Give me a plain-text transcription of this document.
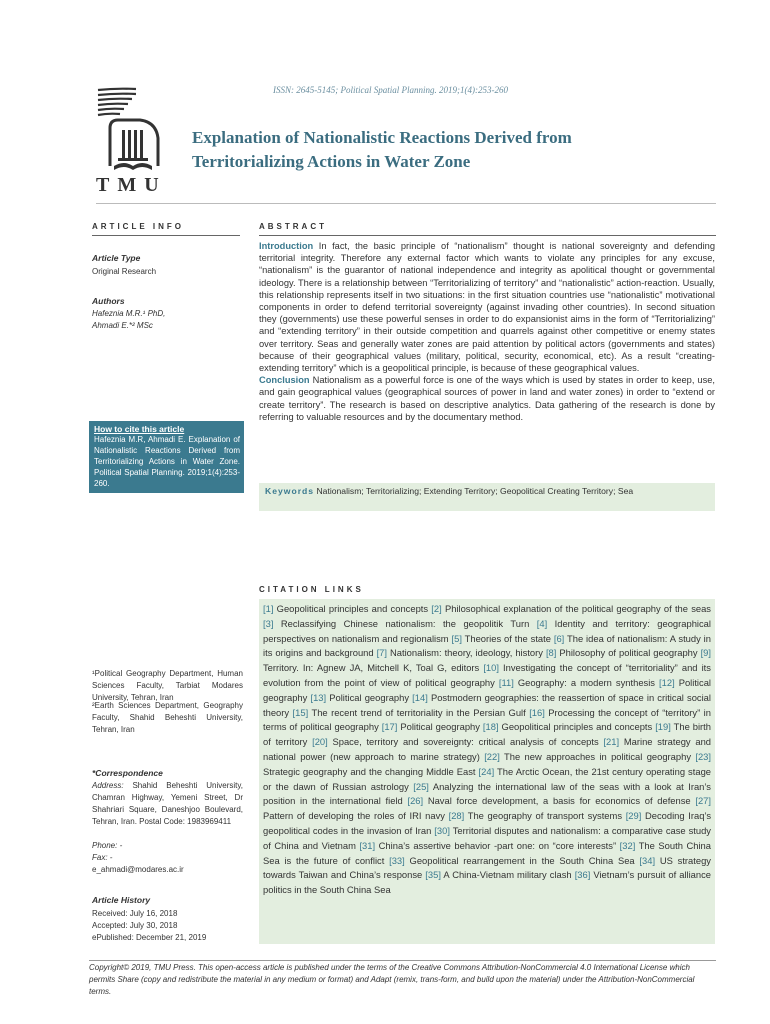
TMU
ISSN: 2645-5145; Political Spatial Planning. 2019;1(4):253-260
Explanation of Nationalistic Reactions Derived from Territorializing Actions in Water Zone
ARTICLE INFO
Article Type
Original Research
Authors
Hafeznia M.R.¹ PhD,
Ahmadi E.*² MSc
How to cite this article
Hafeznia M.R, Ahmadi E. Explanation of Nationalistic Reactions Derived from Territorializing Actions in Water Zone. Political Spatial Planning. 2019;1(4):253-260.
¹Political Geography Department, Human Sciences Faculty, Tarbiat Modares University, Tehran, Iran
²Earth Sciences Department, Geography Faculty, Shahid Beheshti University, Tehran, Iran
*Correspondence
Address: Shahid Beheshti University, Chamran Highway, Yemeni Street, Dr Shahriari Square, Daneshjoo Boulevard, Tehran, Iran. Postal Code: 1983969411
Phone: -
Fax: -
e_ahmadi@modares.ac.ir
Article History
Received: July 16, 2018
Accepted: July 30, 2018
ePublished: December 21, 2019
ABSTRACT
Introduction In fact, the basic principle of “nationalism” thought is national sovereignty and defending territorial integrity. Therefore any external factor which wants to violate any principles for any excuse, “nationalism” is the guarantor of national independence and integrity as apolitical thought or governmental ideology. There is a relationship between “Territorializing of territory” and “nationalistic” action-reaction. Usually, this relationship represents itself in two situations: in the first situation countries use “nationalistic” motivational components in order to defend territorial sovereignty (against invading other countries). In second situation they (governments) use these powerful senses in order to do expansionist aims in the form of “Territorializing” and “extending territory” in their outside competition and quarrels against other competitive or enemy states over territory. Seas and generally water zones are paid attention by political actors (governments and states) because of their geographical values (military, political, security, economical, etc). As a result “creating-extending territory” which is a geopolitical principle, is because of these geographical values.
Conclusion Nationalism as a powerful force is one of the ways which is used by states in order to keep, use, and gain geographical values (geographical sources of power in land and water zones) in order to “extend or create territory”. The research is based on descriptive analytics. Data gathering of the research is done by referring to valuable resources and by the documentary method.
Keywords Nationalism; Territorializing; Extending Territory; Geopolitical Creating Territory; Sea
CITATION LINKS
[1] Geopolitical principles and concepts [2] Philosophical explanation of the political geography of the seas [3] Reclassifying Chinese nationalism: the geopolitik Turn [4] Identity and territory: geographical perspectives on nationalism and regionalism [5] Theories of the state [6] The idea of nationalism: A study in its origins and background [7] Nationalism: theory, ideology, history [8] Philosophy of political geography [9] Territory. In: Agnew JA, Mitchell K, Toal G, editors [10] Investigating the concept of “territoriality” and its evolution from the point of view of political geography [11] Geography: a modern synthesis [12] Political geography [13] Political geography [14] Postmodern geographies: the reassertion of space in critical social theory [15] The recent trend of territoriality in the Persian Gulf [16] Processing the concept of “territory” in terms of political geography [17] Political geography [18] Geopolitical principles and concepts [19] The birth of territory [20] Space, territory and sovereignty: critical analysis of concepts [21] Marine strategy and national power (new approach to marine strategy) [22] The new approaches in political geography [23] Strategic geography and the changing Middle East [24] The Arctic Ocean, the 21st century operating stage or the dawn of Russian astrology [25] Analyzing the international law of the seas with a look at Iran’s position in the international field [26] Naval force development, a basis for economics of defense [27] Pattern of developing the roles of IRI navy [28] The geography of transport systems [29] Decoding Iraq’s geopolitical codes in the invasion of Iran [30] Territorial disputes and nationalism: a comparative case study of China and Vietnam [31] China’s assertive behavior -part one: on “core interests” [32] The South China Sea is the future of conflict [33] Geopolitical rearrangement in the South China Sea [34] US strategy towards Taiwan and China’s response [35] A China-Vietnam military clash [36] Vietnam’s pursuit of alliance politics in the South China Sea
Copyright© 2019, TMU Press. This open-access article is published under the terms of the Creative Commons Attribution-NonCommercial 4.0 International License which permits Share (copy and redistribute the material in any medium or format) and Adapt (remix, trans-form, and build upon the material) under the Attribution-NonCommercial terms.
